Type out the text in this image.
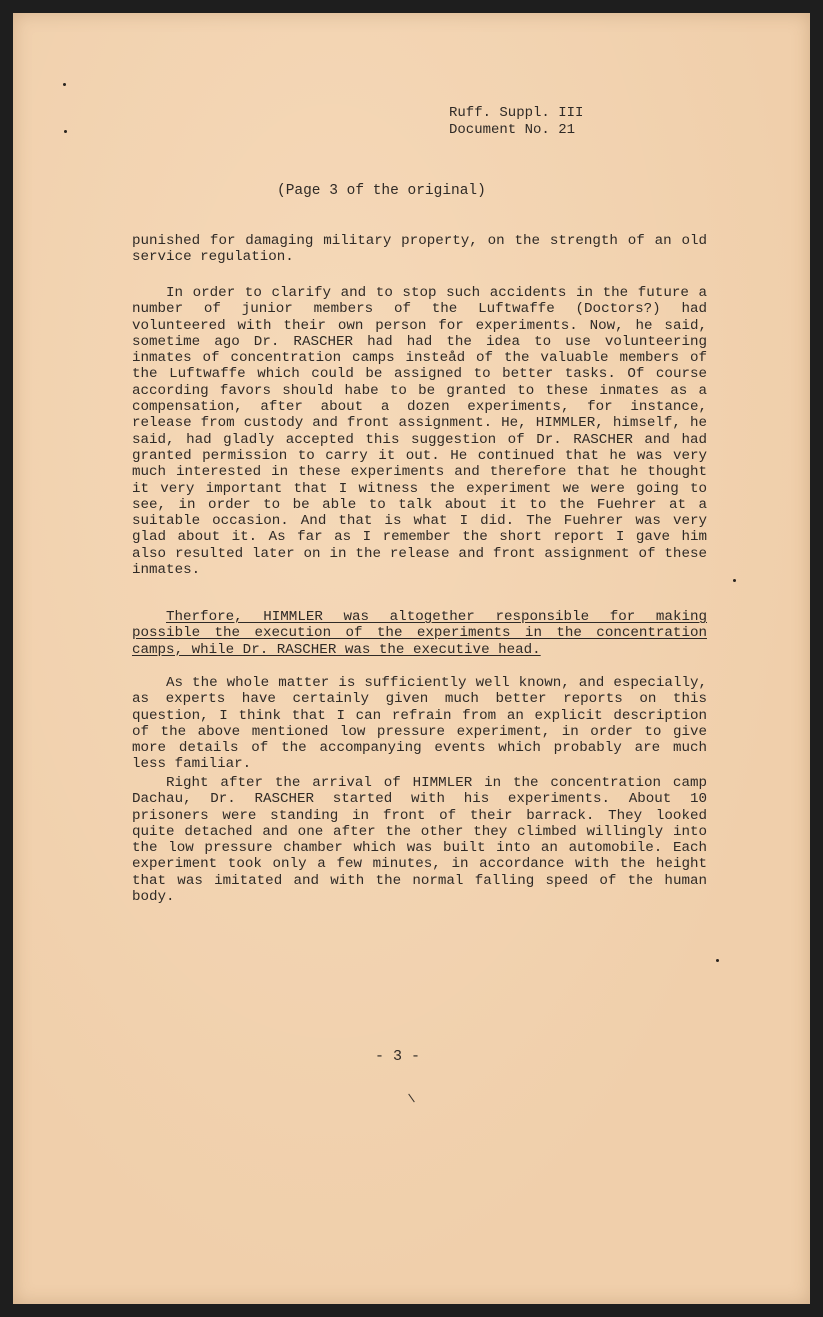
Ruff. Suppl. III
Document No. 21
(Page 3 of the original)
punished for damaging military property, on the strength of an old service regulation.
In order to clarify and to stop such accidents in the future a number of junior members of the Luftwaffe (Doctors?) had volunteered with their own person for experiments. Now, he said, sometime ago Dr. RASCHER had had the idea to use volunteering inmates of concentration camps insteåd of the valuable members of the Luftwaffe which could be assigned to better tasks. Of course according favors should habe to be granted to these inmates as a compensation, after about a dozen experiments, for instance, release from custody and front assignment. He, HIMMLER, himself, he said, had gladly accepted this suggestion of Dr. RASCHER and had granted permission to carry it out. He continued that he was very much interested in these experiments and therefore that he thought it very important that I witness the experiment we were going to see, in order to be able to talk about it to the Fuehrer at a suitable occasion. And that is what I did. The Fuehrer was very glad about it. As far as I remember the short report I gave him also resulted later on in the release and front assignment of these inmates.
Therfore, HIMMLER was altogether responsible for making possible the execution of the experiments in the concentration camps, while Dr. RASCHER was the executive head.
As the whole matter is sufficiently well known, and especially, as experts have certainly given much better reports on this question, I think that I can refrain from an explicit description of the above mentioned low pressure experiment, in order to give more details of the accompanying events which probably are much less familiar.
Right after the arrival of HIMMLER in the concentration camp Dachau, Dr. RASCHER started with his experiments. About 10 prisoners were standing in front of their barrack. They looked quite detached and one after the other they climbed willingly into the low pressure chamber which was built into an automobile. Each experiment took only a few minutes, in accordance with the height that was imitated and with the normal falling speed of the human body.
- 3 -
